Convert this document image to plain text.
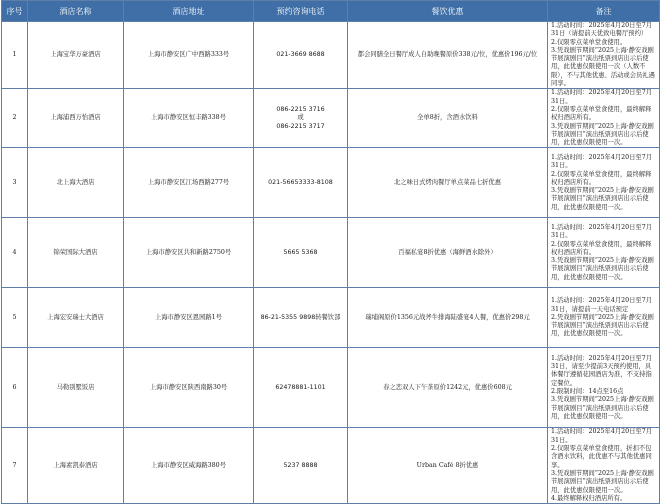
序号	酒店名称	酒店地址	预约咨询电话	餐饮优惠	备注
1	上海宝华万豪酒店	上海市静安区广中西路333号	021-3669 8688	都会同膳全日餐厅成人自助晚餐原价338元/位，优惠价196元/位	1.活动时间：2025年4月20日至7月31日（请提前天优致电餐厅预约）
2.仅限零点菜单堂食使用。
3.凭戏剧节期间“2025上海·静安戏剧节展演剧目”演出纸票到店出示后使用，此优惠仅限使用一次（人数不限），不与其他优惠、活动或会员礼遇同享。
2	上海浦西万怡酒店	上海市静安区恒丰路338号	086-2215 3716
或
086-2215 3717	全单8折，含酒水饮料	1.活动时间：2025年4月20日至7月31日。
2.仅限零点菜单堂食使用，最终解释权归酒店所有。
3.凭戏剧节期间“2025上海·静安戏剧节展演剧目”演出纸票到店出示后使用，此优惠仅限使用一次。
3	北上海大酒店	上海市静安区江场西路277号	021-56653333-8108	北之味日式烤肉餐厅单点菜品七折优惠	1.活动时间：2025年4月20日至7月31日。
2.仅限零点菜单堂食使用，最终解释权归酒店所有。
3.凭戏剧节期间“2025上海·静安戏剧节展演剧目”演出纸票到店出示后使用，此优惠仅限使用一次。
4	锦荣国际大酒店	上海市静安区共和新路2750号	5665 5368	百福私宴8折优惠（海鲜酒水除外）	1.活动时间：2025年4月20日至7月31日。
2.仅限零点菜单堂食使用，最终解释权归酒店所有。
3.凭戏剧节期间“2025上海·静安戏剧节展演剧目”演出纸票到店出示后使用，此优惠仅限使用一次。
5	上海宏安瑞士大酒店	上海市静安区恩园路1号	86-21-5355 9898转餐饮部	瑞埔阁原价1356元战斧牛排海陆盛宴4人餐，优惠价298元	1.活动时间：2025年4月20日至7月31日，请提前一天电话预定
2.凭戏剧节期间“2025上海·静安戏剧节展演剧目”演出纸票到店出示后使用，此优惠仅限使用一次。
6	马勒别墅饭店	上海市静安区陕西南路30号	62478881-1101	春之恋双人下午茶原价1242元，优惠价608元	1.活动时间：2025年4月20日至7月31日，请至少提前3天预约使用，具体餐厅遵循花园酒店为准，不支持指定餐位。
2.限制时间：14点至16点
3.凭戏剧节期间“2025上海·静安戏剧节展演剧目”演出纸票到店出示后使用，此优惠仅限使用一次。
7	上海素凯泰酒店	上海市静安区威海路380号	5237 8888	Urban Café 8折优惠	1.活动时间：2025年4月20日至7月31日。
2.仅限零点菜单堂食使用，折扣不包含酒水饮料，此优惠不与其他优惠同享。
3.凭戏剧节期间“2025上海·静安戏剧节展演剧目”演出纸票到店出示后使用，此优惠仅限使用一次。
4.最终解释权归酒店所有。
